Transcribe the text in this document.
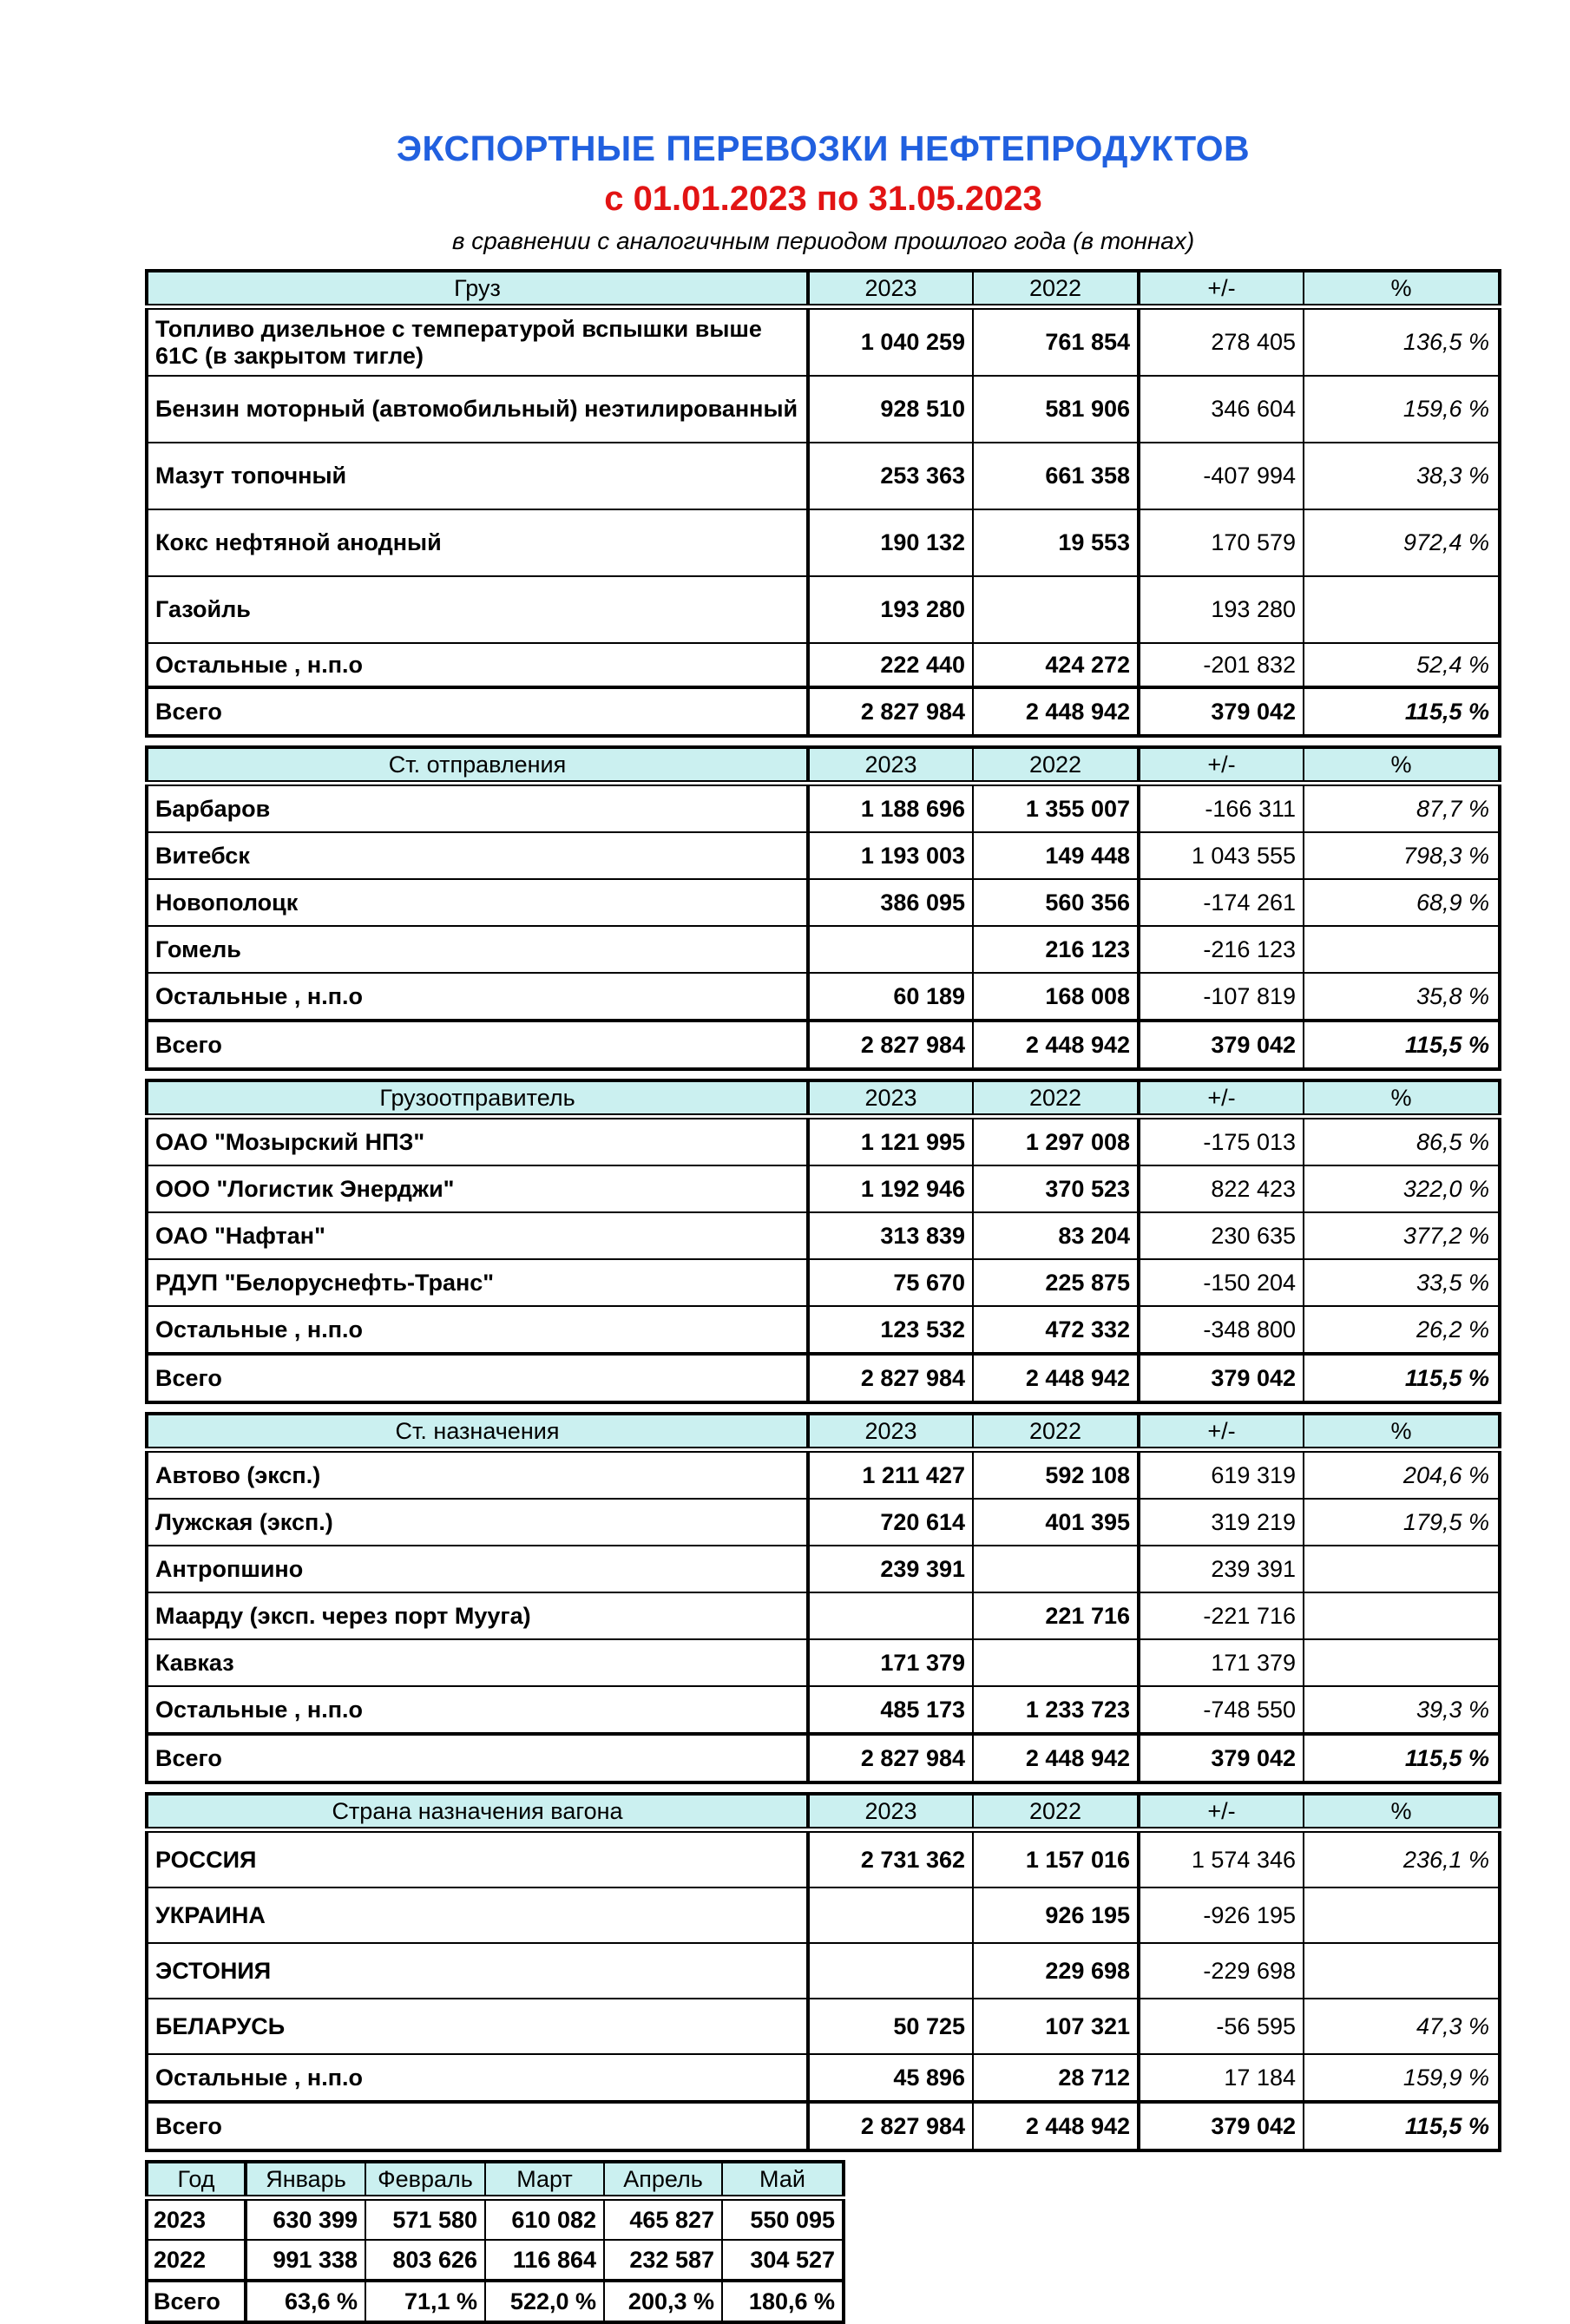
ЭКСПОРТНЫЕ ПЕРЕВОЗКИ НЕФТЕПРОДУКТОВ
с 01.01.2023 по 31.05.2023
в сравнении с аналогичным периодом прошлого года (в тоннах)
Груз	2023	2022	+/-	%
Топливо дизельное с температурой вспышки выше 61С (в закрытом тигле)	1 040 259	761 854	278 405	136,5 %
Бензин моторный (автомобильный) неэтилированный	928 510	581 906	346 604	159,6 %
Мазут топочный	253 363	661 358	-407 994	38,3 %
Кокс нефтяной анодный	190 132	19 553	170 579	972,4 %
Газойль	193 280		193 280	
Остальные , н.п.о	222 440	424 272	-201 832	52,4 %
Всего	2 827 984	2 448 942	379 042	115,5 %
Ст. отправления	2023	2022	+/-	%
Барбаров	1 188 696	1 355 007	-166 311	87,7 %
Витебск	1 193 003	149 448	1 043 555	798,3 %
Новополоцк	386 095	560 356	-174 261	68,9 %
Гомель		216 123	-216 123	
Остальные , н.п.о	60 189	168 008	-107 819	35,8 %
Всего	2 827 984	2 448 942	379 042	115,5 %
Грузоотправитель	2023	2022	+/-	%
ОАО "Мозырский НПЗ"	1 121 995	1 297 008	-175 013	86,5 %
ООО "Логистик Энерджи"	1 192 946	370 523	822 423	322,0 %
ОАО "Нафтан"	313 839	83 204	230 635	377,2 %
РДУП "Белоруснефть-Транс"	75 670	225 875	-150 204	33,5 %
Остальные , н.п.о	123 532	472 332	-348 800	26,2 %
Всего	2 827 984	2 448 942	379 042	115,5 %
Ст. назначения	2023	2022	+/-	%
Автово (эксп.)	1 211 427	592 108	619 319	204,6 %
Лужская (эксп.)	720 614	401 395	319 219	179,5 %
Антропшино	239 391		239 391	
Маарду (эксп. через порт Мууга)		221 716	-221 716	
Кавказ	171 379		171 379	
Остальные , н.п.о	485 173	1 233 723	-748 550	39,3 %
Всего	2 827 984	2 448 942	379 042	115,5 %
Страна назначения вагона	2023	2022	+/-	%
РОССИЯ	2 731 362	1 157 016	1 574 346	236,1 %
УКРАИНА		926 195	-926 195	
ЭСТОНИЯ		229 698	-229 698	
БЕЛАРУСЬ	50 725	107 321	-56 595	47,3 %
Остальные , н.п.о	45 896	28 712	17 184	159,9 %
Всего	2 827 984	2 448 942	379 042	115,5 %
Год	Январь	Февраль	Март	Апрель	Май
2023	630 399	571 580	610 082	465 827	550 095
2022	991 338	803 626	116 864	232 587	304 527
Всего	63,6 %	71,1 %	522,0 %	200,3 %	180,6 %
